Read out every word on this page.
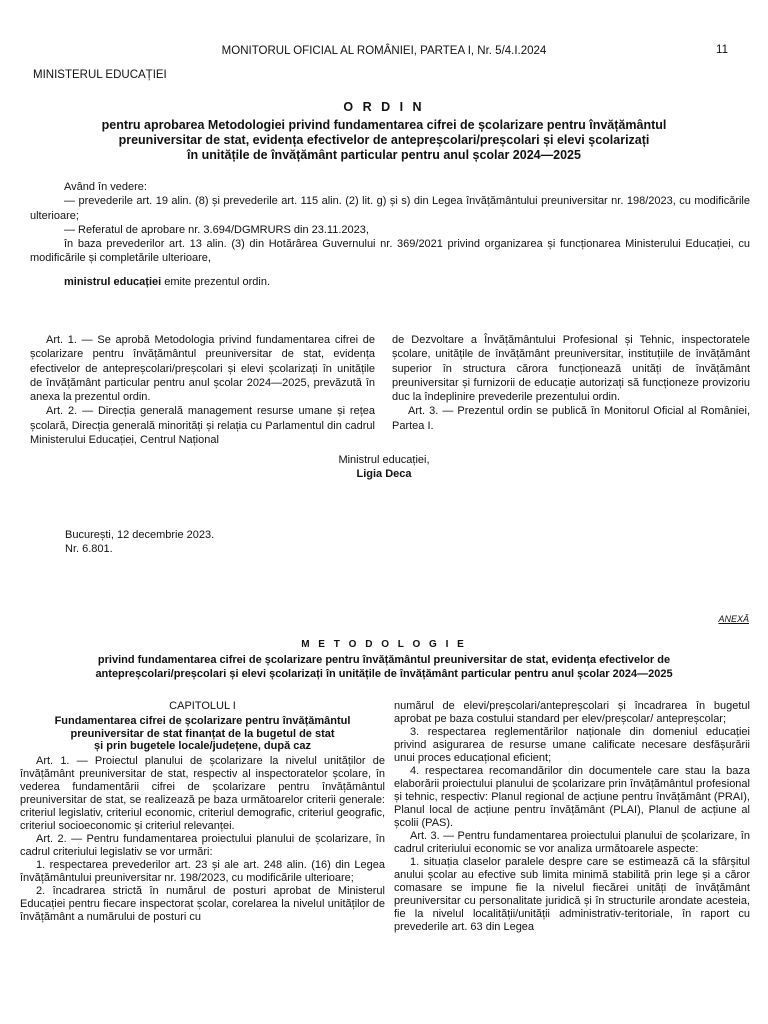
MONITORUL OFICIAL AL ROMÂNIEI, PARTEA I, Nr. 5/4.I.2024	11
MINISTERUL EDUCAȚIEI
O R D I N
pentru aprobarea Metodologiei privind fundamentarea cifrei de școlarizare pentru învățământul
preuniversitar de stat, evidența efectivelor de antepreșcolari/preșcolari și elevi școlarizați
în unitățile de învățământ particular pentru anul școlar 2024—2025
Având în vedere:
— prevederile art. 19 alin. (8) și prevederile art. 115 alin. (2) lit. g) și s) din Legea învățământului preuniversitar nr. 198/2023, cu modificările ulterioare;
— Referatul de aprobare nr. 3.694/DGMRURS din 23.11.2023,
în baza prevederilor art. 13 alin. (3) din Hotărârea Guvernului nr. 369/2021 privind organizarea și funcționarea Ministerului Educației, cu modificările și completările ulterioare,
ministrul educației emite prezentul ordin.

Art. 1. — Se aprobă Metodologia privind fundamentarea cifrei de școlarizare pentru învățământul preuniversitar de stat, evidența efectivelor de antepreșcolari/preșcolari și elevi școlarizați în unitățile de învățământ particular pentru anul școlar 2024—2025, prevăzută în anexa la prezentul ordin.

Art. 2. — Direcția generală management resurse umane și rețea școlară, Direcția generală minorități și relația cu Parlamentul din cadrul Ministerului Educației, Centrul Național

de Dezvoltare a Învățământului Profesional și Tehnic, inspectoratele școlare, unitățile de învățământ preuniversitar, instituțiile de învățământ superior în structura cărora funcționează unități de învățământ preuniversitar și furnizorii de educație autorizați să funcționeze provizoriu duc la îndeplinire prevederile prezentului ordin.

Art. 3. — Prezentul ordin se publică în Monitorul Oficial al României, Partea I.

Ministrul educației,
Ligia Deca
București, 12 decembrie 2023.
Nr. 6.801.
ANEXĂ
M E T O D O L O G I E
privind fundamentarea cifrei de școlarizare pentru învățământul preuniversitar de stat, evidența efectivelor de
antepreșcolari/preșcolari și elevi școlarizați în unitățile de învățământ particular pentru anul școlar 2024—2025
CAPITOLUL I
Fundamentarea cifrei de școlarizare pentru învățământul
preuniversitar de stat finanțat de la bugetul de stat
și prin bugetele locale/județene, după caz

Art. 1. — Proiectul planului de școlarizare la nivelul unităților de învățământ preuniversitar de stat, respectiv al inspectoratelor școlare, în vederea fundamentării cifrei de școlarizare pentru învățământul preuniversitar de stat, se realizează pe baza următoarelor criterii generale: criteriul legislativ, criteriul economic, criteriul demografic, criteriul geografic, criteriul socioeconomic și criteriul relevanței.

Art. 2. — Pentru fundamentarea proiectului planului de școlarizare, în cadrul criteriului legislativ se vor urmări:

1. respectarea prevederilor art. 23 și ale art. 248 alin. (16) din Legea învățământului preuniversitar nr. 198/2023, cu modificările ulterioare;

2. încadrarea strictă în numărul de posturi aprobat de Ministerul Educației pentru fiecare inspectorat școlar, corelarea la nivelul unităților de învățământ a numărului de posturi cu

numărul de elevi/preșcolari/antepreșcolari și încadrarea în bugetul aprobat pe baza costului standard per elev/preșcolar/ antepreșcolar;

3. respectarea reglementărilor naționale din domeniul educației privind asigurarea de resurse umane calificate necesare desfășurării unui proces educațional eficient;

4. respectarea recomandărilor din documentele care stau la baza elaborării proiectului planului de școlarizare prin învățământul profesional și tehnic, respectiv: Planul regional de acțiune pentru învățământ (PRAI), Planul local de acțiune pentru învățământ (PLAI), Planul de acțiune al școlii (PAS).

Art. 3. — Pentru fundamentarea proiectului planului de școlarizare, în cadrul criteriului economic se vor analiza următoarele aspecte:

1. situația claselor paralele despre care se estimează că la sfârșitul anului școlar au efective sub limita minimă stabilită prin lege și a căror comasare se impune fie la nivelul fiecărei unități de învățământ preuniversitar cu personalitate juridică și în structurile arondate acesteia, fie la nivelul localității/unității administrativ-teritoriale, în raport cu prevederile art. 63 din Legea
